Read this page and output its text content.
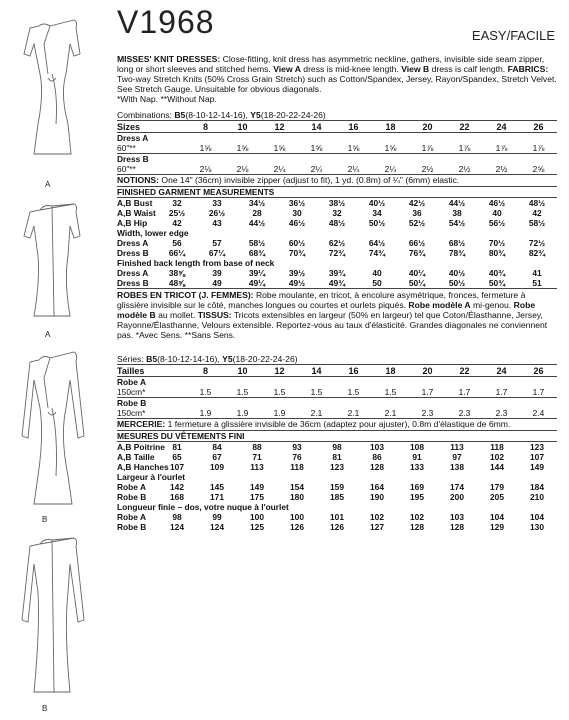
A
A
B
B
V1968	EASY/FACILE

MISSES' KNIT DRESSES: Close-fitting, knit dress has asymmetric neckline, gathers, invisible side seam zipper, long or short sleeves and stitched hems. View A dress is mid-knee length. View B dress is calf length. FABRICS: Two-way Stretch Knits (50% Cross Grain Stretch) such as Cotton/Spandex, Jersey, Rayon/Spandex, Stretch Velvet. See Stretch Gauge. Unsuitable for obvious diagonals.

*With Nap. **Without Nap.
Combinations: B5(8-10-12-14-16), Y5(18-20-22-24-26)
Sizes	8	10	12	14	16	18	20	22	24	26
Dress A										
60"**	1⅝	1⅝	1⅝	1⅝	1⅝	1⅝	1⅞	1⅞	1⅞	1⅞
Dress B										
60"**	2⅛	2⅛	2¼	2¼	2¼	2¼	2½	2½	2½	2⅝
NOTIONS: One 14" (36cm) invisible zipper (adjust to fit), 1 yd. (0.8m) of ¼" (6mm) elastic.
FINISHED GARMENT MEASUREMENTS										
A,B Bust	32	33	34½	36½	38½	40½	42½	44½	46½	48½
A,B Waist	25½	26½	28	30	32	34	36	38	40	42
A,B Hip	42	43	44½	46½	48½	50½	52½	54½	56½	58½
Width, lower edge										
Dress A	56	57	58½	60½	62½	64½	66½	68½	70½	72½
Dress B	66¼	67¼	68¾	70¾	72¾	74¾	76¾	78¾	80¾	82¾
Finished back length from base of neck										
Dress A	38⅝	39	39¼	39½	39¾	40	40¼	40½	40¾	41
Dress B	48⅝	49	49¼	49½	49¾	50	50¼	50½	50¾	51

ROBES EN TRICOT (J. FEMMES): Robe moulante, en tricot, à encolure asymétrique, fronces, fermeture à glissière invisible sur le côté, manches longues ou courtes et ourlets piqués. Robe modèle A mi-genou. Robe modèle B au mollet. TISSUS: Tricots extensibles en largeur (50% en largeur) tel que Coton/Élasthanne, Jersey, Rayonne/Élasthanne, Velours extensible. Reportez-vous au taux d'élasticité. Grandes diagonales ne conviennent pas. *Avec Sens. **Sans Sens.

Séries: B5(8-10-12-14-16), Y5(18-20-22-24-26)
Tailles	8	10	12	14	16	18	20	22	24	26
Robe A										
150cm*	1.5	1.5	1.5	1.5	1.5	1.5	1.7	1.7	1.7	1.7
Robe B										
150cm*	1.9	1.9	1.9	2.1	2.1	2.1	2.3	2.3	2.3	2.4
MERCERIE: 1 fermeture à glissière invisible de 36cm (adaptez pour ajuster), 0.8m d'élastique de 6mm.
MESURES DU VÊTEMENTS FINI										
A,B Poitrine	81	84	88	93	98	103	108	113	118	123
A,B Taille	65	67	71	76	81	86	91	97	102	107
A,B Hanches	107	109	113	118	123	128	133	138	144	149
Largeur à l'ourlet										
Robe A	142	145	149	154	159	164	169	174	179	184
Robe B	168	171	175	180	185	190	195	200	205	210
Longueur finie – dos, votre nuque à l'ourlet										
Robe A	98	99	100	100	101	102	102	103	104	104
Robe B	124	124	125	126	126	127	128	128	129	130
